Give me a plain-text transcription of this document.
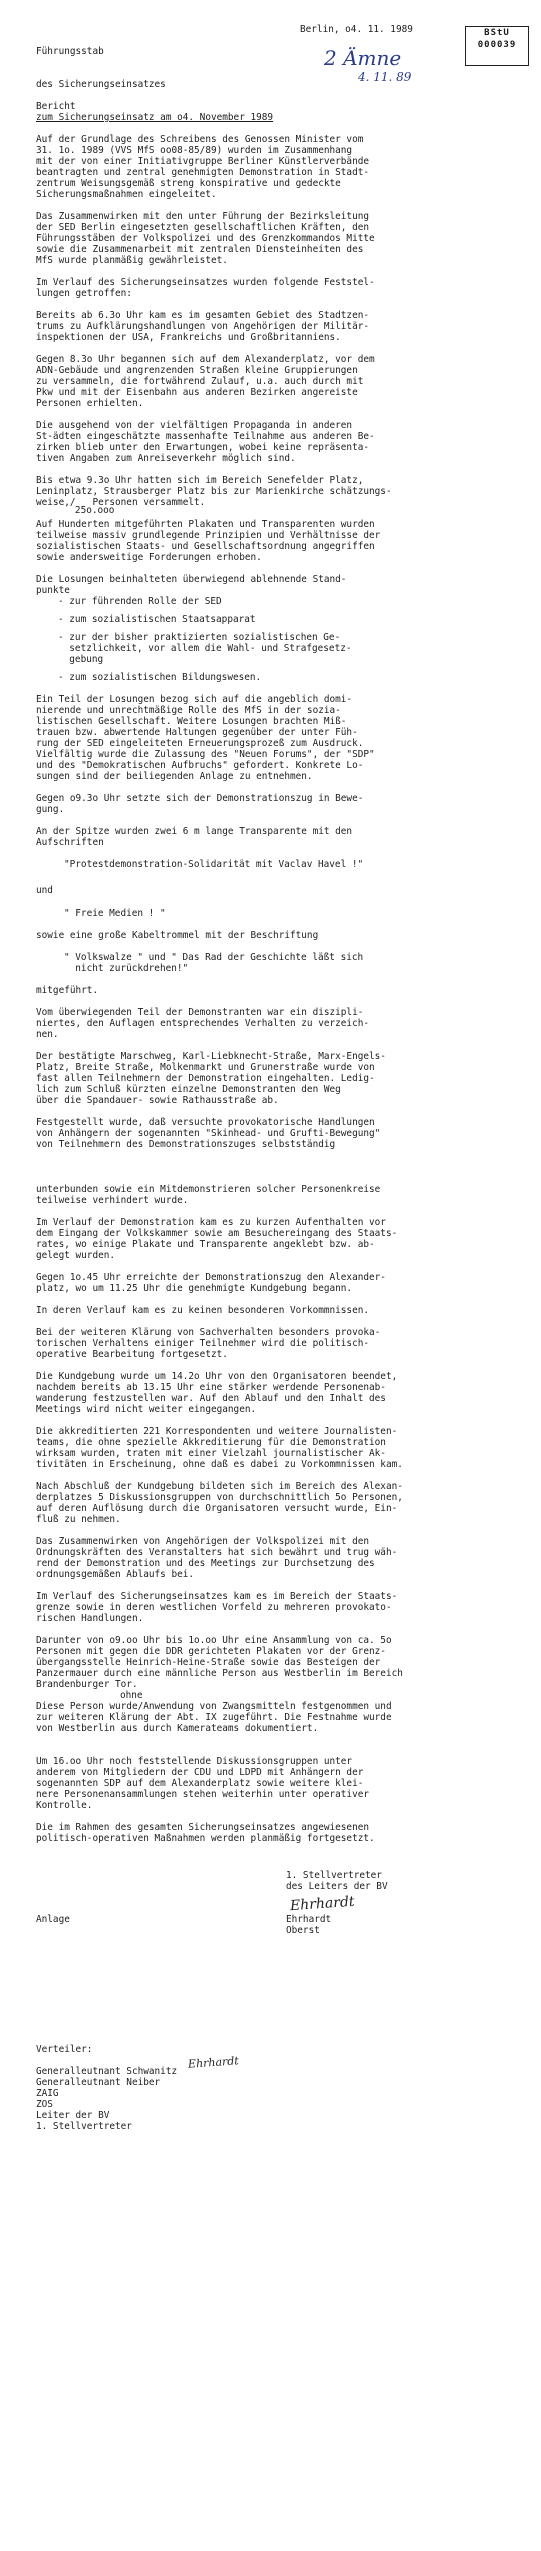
Führungsstab

des Sicherungseinsatzes

Berlin, o4. 11. 1989	BStU
000039
2 Ämne
4. 11. 89
Bericht
zum Sicherungseinsatz am o4. November 1989
Auf der Grundlage des Schreibens des Genossen Minister vom
31. 1o. 1989 (VVS MfS oo08-85/89) wurden im Zusammenhang
mit der von einer Initiativgruppe Berliner Künstlerverbände
beantragten und zentral genehmigten Demonstration in Stadt-
zentrum Weisungsgemäß streng konspirative und gedeckte
Sicherungsmaßnahmen eingeleitet.
Das Zusammenwirken mit den unter Führung der Bezirksleitung
der SED Berlin eingesetzten gesellschaftlichen Kräften, den
Führungsstäben der Volkspolizei und des Grenzkommandos Mitte
sowie die Zusammenarbeit mit zentralen Diensteinheiten des
MfS wurde planmäßig gewährleistet.
Im Verlauf des Sicherungseinsatzes wurden folgende Feststel-
lungen getroffen:
Bereits ab 6.3o Uhr kam es im gesamten Gebiet des Stadtzen-
trums zu Aufklärungshandlungen von Angehörigen der Militär-
inspektionen der USA, Frankreichs und Großbritanniens.
Gegen 8.3o Uhr begannen sich auf dem Alexanderplatz, vor dem
ADN-Gebäude und angrenzenden Straßen kleine Gruppierungen
zu versammeln, die fortwährend Zulauf, u.a. auch durch mit
Pkw und mit der Eisenbahn aus anderen Bezirken angereiste
Personen erhielten.
Die ausgehend von der vielfältigen Propaganda in anderen
St-ädten eingeschätzte massenhafte Teilnahme aus anderen Be-
zirken blieb unter den Erwartungen, wobei keine repräsenta-
tiven Angaben zum Anreiseverkehr möglich sind.
Bis etwa 9.3o Uhr hatten sich im Bereich Senefelder Platz,
Leninplatz, Strausberger Platz bis zur Marienkirche schätzungs-
weise,/   Personen versammelt.
25o.ooo
Auf Hunderten mitgeführten Plakaten und Transparenten wurden
teilweise massiv grundlegende Prinzipien und Verhältnisse der
sozialistischen Staats- und Gesellschaftsordnung angegriffen
sowie andersweitige Forderungen erhoben.
Die Losungen beinhalteten überwiegend ablehnende Stand-
punkte
- zur führenden Rolle der SED
- zum sozialistischen Staatsapparat
- zur der bisher praktizierten sozialistischen Ge-
setzlichkeit, vor allem die Wahl- und Strafgesetz-
gebung
- zum sozialistischen Bildungswesen.
Ein Teil der Losungen bezog sich auf die angeblich domi-
nierende und unrechtmäßige Rolle des MfS in der sozia-
listischen Gesellschaft. Weitere Losungen brachten Miß-
trauen bzw. abwertende Haltungen gegenüber der unter Füh-
rung der SED eingeleiteten Erneuerungsprozeß zum Ausdruck.
Vielfältig wurde die Zulassung des "Neuen Forums", der "SDP"
und des "Demokratischen Aufbruchs" gefordert. Konkrete Lo-
sungen sind der beiliegenden Anlage zu entnehmen.
Gegen o9.3o Uhr setzte sich der Demonstrationszug in Bewe-
gung.
An der Spitze wurden zwei 6 m lange Transparente mit den
Aufschriften
"Protestdemonstration-Solidarität mit Vaclav Havel !"
und
" Freie Medien ! "
sowie eine große Kabeltrommel mit der Beschriftung
" Volkswalze " und " Das Rad der Geschichte läßt sich
nicht zurückdrehen!"
mitgeführt.
Vom überwiegenden Teil der Demonstranten war ein diszipli-
niertes, den Auflagen entsprechendes Verhalten zu verzeich-
nen.
Der bestätigte Marschweg, Karl-Liebknecht-Straße, Marx-Engels-
Platz, Breite Straße, Molkenmarkt und Grunerstraße wurde von
fast allen Teilnehmern der Demonstration eingehalten. Ledig-
lich zum Schluß kürzten einzelne Demonstranten den Weg
über die Spandauer- sowie Rathausstraße ab.
Festgestellt wurde, daß versuchte provokatorische Handlungen
von Anhängern der sogenannten "Skinhead- und Grufti-Bewegung"
von Teilnehmern des Demonstrationszuges selbstständig
unterbunden sowie ein Mitdemonstrieren solcher Personenkreise
teilweise verhindert wurde.
Im Verlauf der Demonstration kam es zu kurzen Aufenthalten vor
dem Eingang der Volkskammer sowie am Besuchereingang des Staats-
rates, wo einige Plakate und Transparente angeklebt bzw. ab-
gelegt wurden.
Gegen 1o.45 Uhr erreichte der Demonstrationszug den Alexander-
platz, wo um 11.25 Uhr die genehmigte Kundgebung begann.
In deren Verlauf kam es zu keinen besonderen Vorkommnissen.
Bei der weiteren Klärung von Sachverhalten besonders provoka-
torischen Verhaltens einiger Teilnehmer wird die politisch-
operative Bearbeitung fortgesetzt.
Die Kundgebung wurde um 14.2o Uhr von den Organisatoren beendet,
nachdem bereits ab 13.15 Uhr eine stärker werdende Personenab-
wanderung festzustellen war. Auf den Ablauf und den Inhalt des
Meetings wird nicht weiter eingegangen.
Die akkreditierten 221 Korrespondenten und weitere Journalisten-
teams, die ohne spezielle Akkreditierung für die Demonstration
wirksam wurden, traten mit einer Vielzahl journalistischer Ak-
tivitäten in Erscheinung, ohne daß es dabei zu Vorkommnissen kam.
Nach Abschluß der Kundgebung bildeten sich im Bereich des Alexan-
derplatzes 5 Diskussionsgruppen von durchschnittlich 5o Personen,
auf deren Auflösung durch die Organisatoren versucht wurde, Ein-
fluß zu nehmen.
Das Zusammenwirken von Angehörigen der Volkspolizei mit den
Ordnungskräften des Veranstalters hat sich bewährt und trug wäh-
rend der Demonstration und des Meetings zur Durchsetzung des
ordnungsgemäßen Ablaufs bei.
Im Verlauf des Sicherungseinsatzes kam es im Bereich der Staats-
grenze sowie in deren westlichen Vorfeld zu mehreren provokato-
rischen Handlungen.
Darunter von o9.oo Uhr bis 1o.oo Uhr eine Ansammlung von ca. 5o
Personen mit gegen die DDR gerichteten Plakaten vor der Grenz-
übergangsstelle Heinrich-Heine-Straße sowie das Besteigen der
Panzermauer durch eine männliche Person aus Westberlin im Bereich
Brandenburger Tor.
ohne
Diese Person wurde/Anwendung von Zwangsmitteln festgenommen und
zur weiteren Klärung der Abt. IX zugeführt. Die Festnahme wurde
von Westberlin aus durch Kamerateams dokumentiert.
Um 16.oo Uhr noch feststellende Diskussionsgruppen unter
anderem von Mitgliedern der CDU und LDPD mit Anhängern der
sogenannten SDP auf dem Alexanderplatz sowie weitere klei-
nere Personenansammlungen stehen weiterhin unter operativer
Kontrolle.
Die im Rahmen des gesamten Sicherungseinsatzes angewiesenen
politisch-operativen Maßnahmen werden planmäßig fortgesetzt.
1. Stellvertreter
des Leiters der BV
Ehrhardt
Anlage	Ehrhardt
Oberst
Verteiler:
Generalleutnant Schwanitz
Generalleutnant Neiber
ZAIG
ZOS
Leiter der BV
1. Stellvertreter
Ehrhardt
